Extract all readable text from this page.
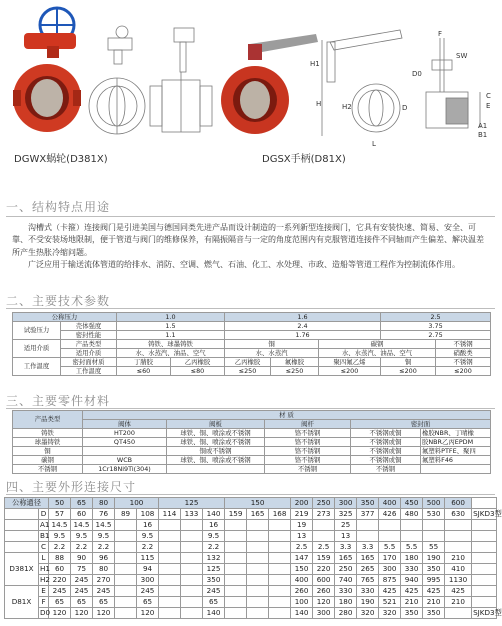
H1
H	H2
L
D
F
C
E
A1
B1
D0
SW
DGWX蜗轮(D381X)	DGSX手柄(D81X)
一、结构特点用途
沟槽式（卡箍）连接阀门是引进美国与德国同类先进产品而设计制造的一系列新型连接阀门，它具有安装快速、简易、安全、可靠、不受安装场地限制，便于管道与阀门的维修保养，有隔振隔音与一定的角度范围内有克服管道连接件不同轴而产生偏差、解决温差所产生热胀冷缩问题。
广泛应用于输送流体管道的给排水、消防、空调、燃气、石油、化工、水处理、市政、造船等管道工程作为控制流体作用。
二、主要技术参数
公称压力		1.0		1.6			2.5	
试验压力	壳体强度	1.5		2.4			3.75	
	密封性能	1.1		1.76			2.75	
适用介质	产品类型	铸铁、球墨铸铁		铜		碳钢		不锈钢
	适用介质	水、水蒸汽、油品、空气		水、水蒸汽		水、水蒸汽、油品、空气		硝酸类
工作温度	密封面材质	丁腈胶	乙丙橡胶	乙丙橡胶	氟橡胶	聚四氟乙烯	铜	不锈钢
	工作温度	≤60	≤80	≤250	≤250	≤200	≤200	≤200
三、主要零件材料
产品类型	材 质				
	阀体	阀板	阀杆	密封面	
铸铁	HT200	球铁、铜、喷涂或不锈钢	铬不锈钢	不锈钢或铜	橡胶NBR、丁晴橡
球墨铸铁	QT450	球铁、铜、喷涂或不锈钢	铬不锈钢	不锈钢或铜	胶NBR乙丙EPDM
铜		铜或不锈钢	铬不锈钢	不锈钢或铜	氟塑料PTFE、聚四
碳钢	WCB	球铁、铜、喷涂或不锈钢	铬不锈钢	不锈钢或铜	氟塑料F46
不锈钢	1Cr18Ni9Ti(304)		不锈钢	不锈钢	
四、主要外形连接尺寸
公称通径		50	65	80	100		125			150			200	250	300	350	400	450	500	600	
	D	57	60	76	89	108	114	133	140	159	165	168	219	273	325	377	426	480	530	630	SJKD3型
	A1	14.5	14.5	14.5		16			16				19		25						
	B1	9.5	9.5	9.5		9.5			9.5				13		13						
	C	2.2	2.2	2.2		2.2			2.2				2.5	2.5	3.3	3.3	5.5	5.5	55		
D381X	L	88	90	96		115			132				147	159	165	165	170	180	190	210	
	H1	60	75	80		94			125				150	220	250	265	300	330	350	410	
	H2	220	245	270		300			350				400	600	740	765	875	940	995	1130	
D81X	E	245	245	245		245			245				260	260	330	330	425	425	425	425	
	F	65	65	65		65			65				100	120	180	190	521	210	210	210	
	D0	120	120	120		120			140				140	300	280	320	320	350	350		SJKD3型
